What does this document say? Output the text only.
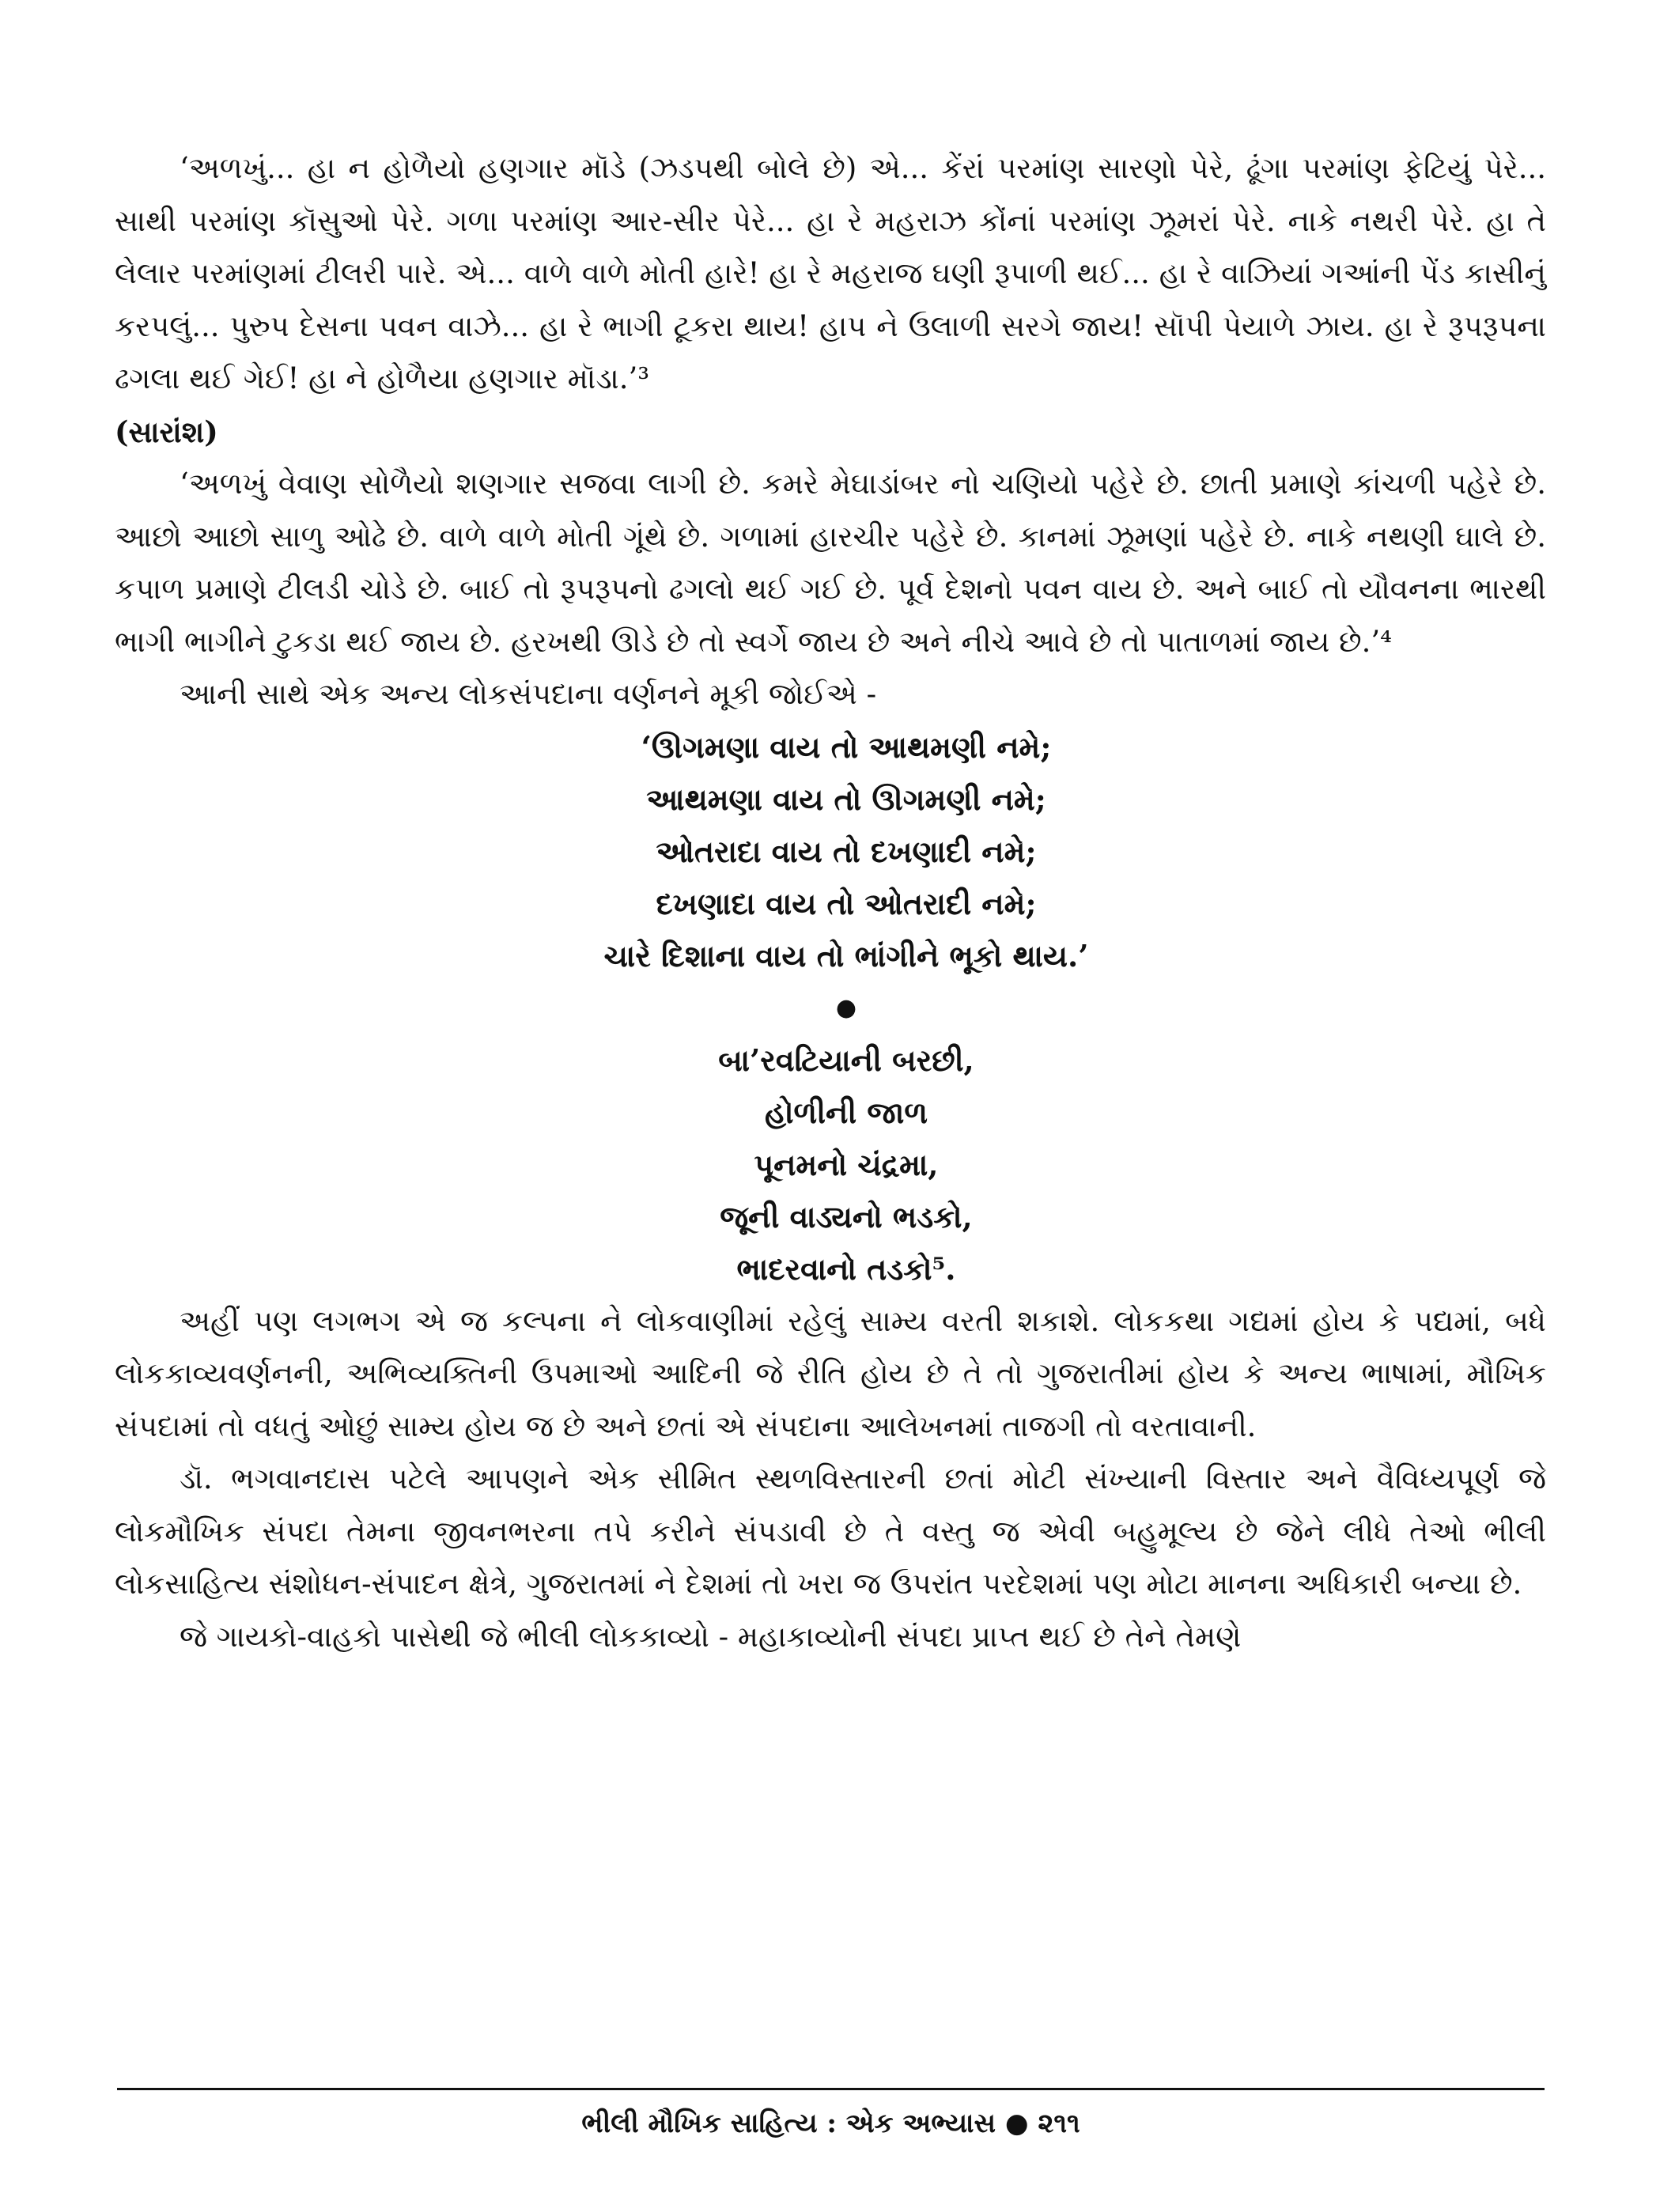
‘અળખું... હા ન હોળૈયો હણગાર મૉડે (ઝડપથી બોલે છે) એ... કેંરાં પરમાંણ સારણો પેરે, ઢૂંગા પરમાંણ ફેટિયું પેરે... સાથી પરમાંણ કૉસુઓ પેરે. ગળા પરમાંણ આર-સીર પેરે... હા રે મહરાઝ કોંનાં પરમાંણ ઝૂમરાં પેરે. નાકે નથરી પેરે. હા તે લેલાર પરમાંણમાં ટીલરી પારે. એ... વાળે વાળે મોતી હારે! હા રે મહરાજ ઘણી રૂપાળી થઈ... હા રે વાઝિયાં ગઆંની પેંડ કાસીનું કરપલું... પુરુપ દેસના પવન વાઝે... હા રે ભાગી ટૂકરા થાય! હાપ ને ઉલાળી સરગે જાય! સૉપી પેયાળે ઝાય. હા રે રૂપરૂપના ઢગલા થઈ ગેઈ! હા ને હોળૈયા હણગાર મૉડા.’³

(સારાંશ)

‘અળખું વેવાણ સોળૈયો શણગાર સજવા લાગી છે. કમરે મેઘાડાંબર નો ચણિયો પહેરે છે. છાતી પ્રમાણે કાંચળી પહેરે છે. આછો આછો સાળુ ઓઢે છે. વાળે વાળે મોતી ગૂંથે છે. ગળામાં હારચીર પહેરે છે. કાનમાં ઝૂમણાં પહેરે છે. નાકે નથણી ઘાલે છે. કપાળ પ્રમાણે ટીલડી ચોડે છે. બાઈ તો રૂપરૂપનો ઢગલો થઈ ગઈ છે. પૂર્વ દેશનો પવન વાય છે. અને બાઈ તો યૌવનના ભારથી ભાગી ભાગીને ટુકડા થઈ જાય છે. હરખથી ઊડે છે તો સ્વર્ગે જાય છે અને નીચે આવે છે તો પાતાળમાં જાય છે.’⁴

આની સાથે એક અન્ય લોકસંપદાના વર્ણનને મૂકી જોઈએ -

‘ઊગમણા વાય તો આથમણી નમે;
આથમણા વાય તો ઊગમણી નમે;
ઓતરાદા વાય તો દખણાદી નમે;
દખણાદા વાય તો ઓતરાદી નમે;
ચારે દિશાના વાય તો ભાંગીને ભૂકો થાય.’
●
બા’રવટિયાની બરછી,
હોળીની જાળ
પૂનમનો ચંદ્રમા,
જૂની વાડ્યનો ભડકો,
ભાદરવાનો તડકો⁵.

અહીં પણ લગભગ એ જ કલ્પના ને લોકવાણીમાં રહેલું સામ્ય વરતી શકાશે. લોકકથા ગદ્યમાં હોય કે પદ્યમાં, બધે લોકકાવ્યવર્ણનની, અભિવ્યક્તિની ઉપમાઓ આદિની જે રીતિ હોય છે તે તો ગુજરાતીમાં હોય કે અન્ય ભાષામાં, મૌખિક સંપદામાં તો વધતું ઓછું સામ્ય હોય જ છે અને છતાં એ સંપદાના આલેખનમાં તાજગી તો વરતાવાની.

ડૉ. ભગવાનદાસ પટેલે આપણને એક સીમિત સ્થળવિસ્તારની છતાં મોટી સંખ્યાની વિસ્તાર અને વૈવિધ્યપૂર્ણ જે લોકમૌખિક સંપદા તેમના જીવનભરના તપે કરીને સંપડાવી છે તે વસ્તુ જ એવી બહુમૂલ્ય છે જેને લીધે તેઓ ભીલી લોકસાહિત્ય સંશોધન-સંપાદન ક્ષેત્રે, ગુજરાતમાં ને દેશમાં તો ખરા જ ઉપરાંત પરદેશમાં પણ મોટા માનના અધિકારી બન્યા છે.

જે ગાયકો-વાહકો પાસેથી જે ભીલી લોકકાવ્યો - મહાકાવ્યોની સંપદા પ્રાપ્ત થઈ છે તેને તેમણે

ભીલી મૌખિક સાહિત્ય : એક અભ્યાસ ● ૨૧૧
